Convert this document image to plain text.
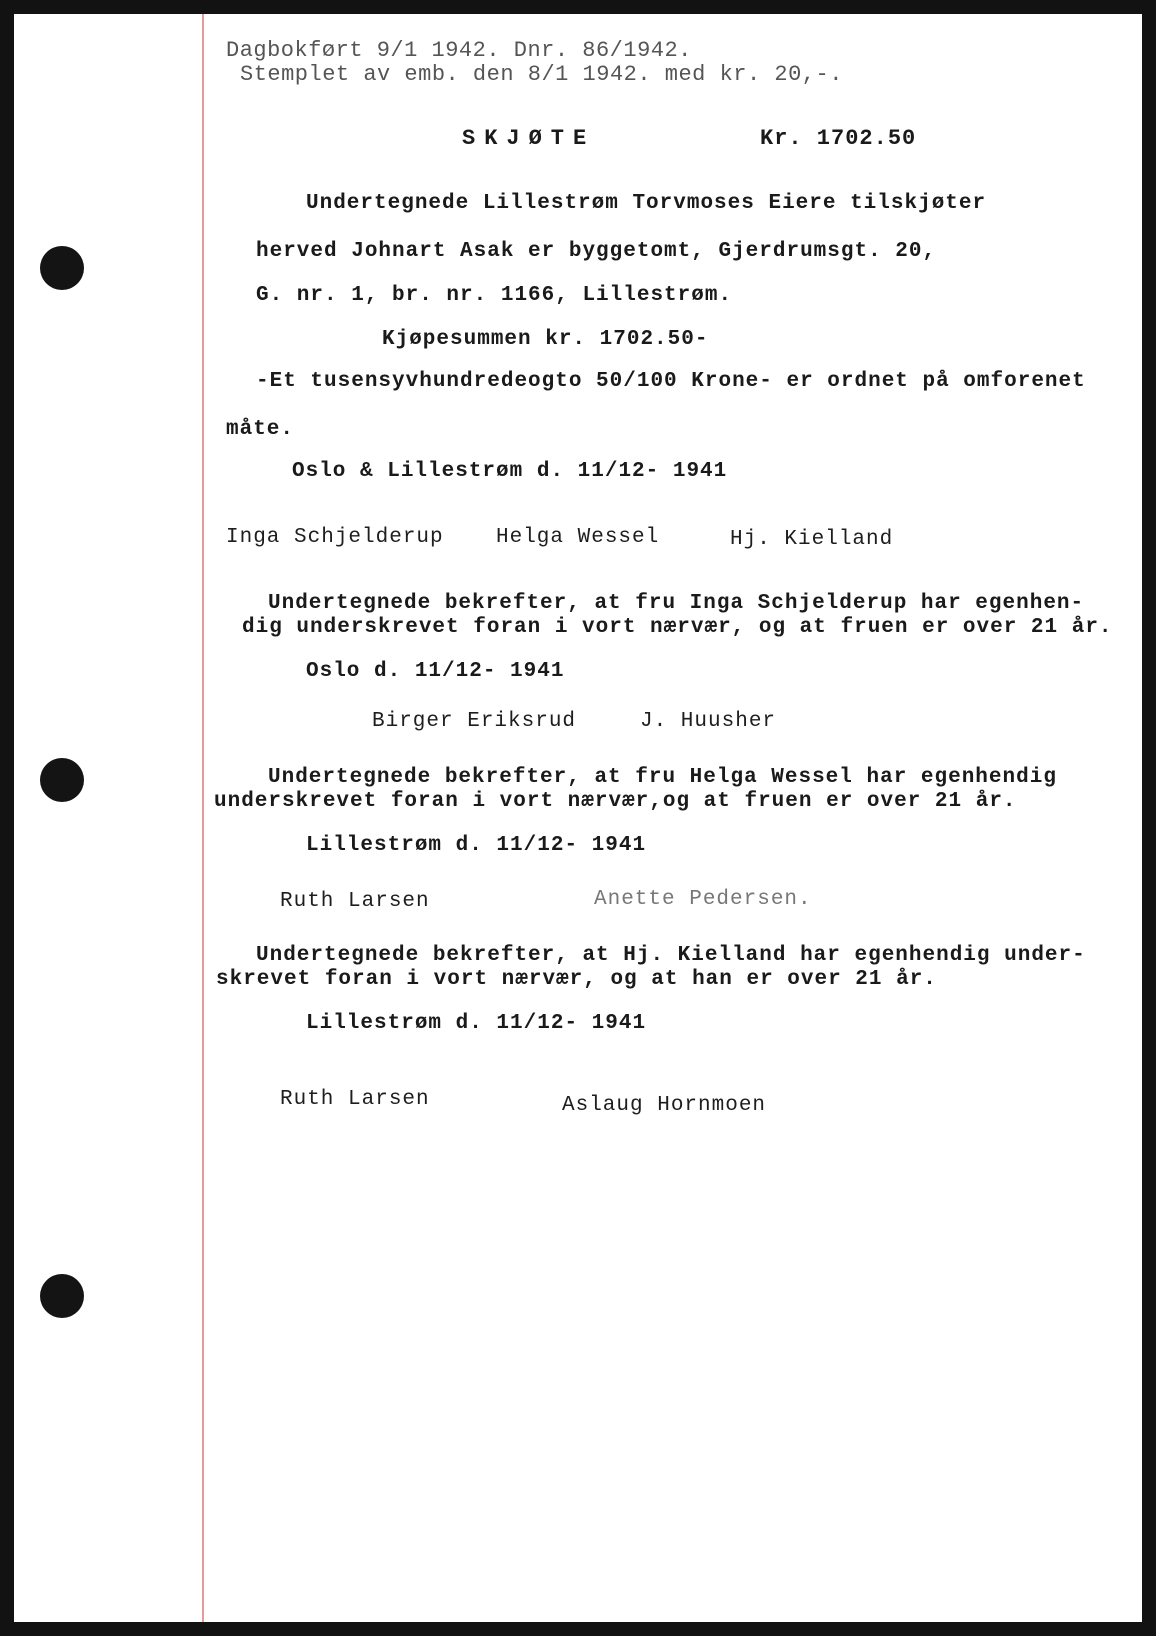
Dagbokført 9/1 1942. Dnr. 86/1942.
Stemplet av emb. den 8/1 1942. med kr. 20,-.
SKJØTE	Kr. 1702.50
Undertegnede Lillestrøm Torvmoses Eiere tilskjøter
herved Johnart Asak er byggetomt, Gjerdrumsgt. 20,
G. nr. 1, br. nr. 1166, Lillestrøm.
Kjøpesummen kr. 1702.50-
-Et tusensyvhundredeogto 50/100 Krone- er ordnet på omforenet
måte.
Oslo & Lillestrøm d. 11/12- 1941
Inga Schjelderup Helga Wessel	Hj. Kielland
Undertegnede bekrefter, at fru Inga Schjelderup har egenhen-
dig underskrevet foran i vort nærvær, og at fruen er over 21 år.
Oslo d. 11/12- 1941
Birger Eriksrud	J. Huusher
Undertegnede bekrefter, at fru Helga Wessel har egenhendig
underskrevet foran i vort nærvær,og at fruen er over 21 år.
Lillestrøm d. 11/12- 1941
Ruth Larsen	Anette Pedersen.
Undertegnede bekrefter, at Hj. Kielland har egenhendig under-
skrevet foran i vort nærvær, og at han er over 21 år.
Lillestrøm d. 11/12- 1941
Ruth Larsen	Aslaug Hornmoen
